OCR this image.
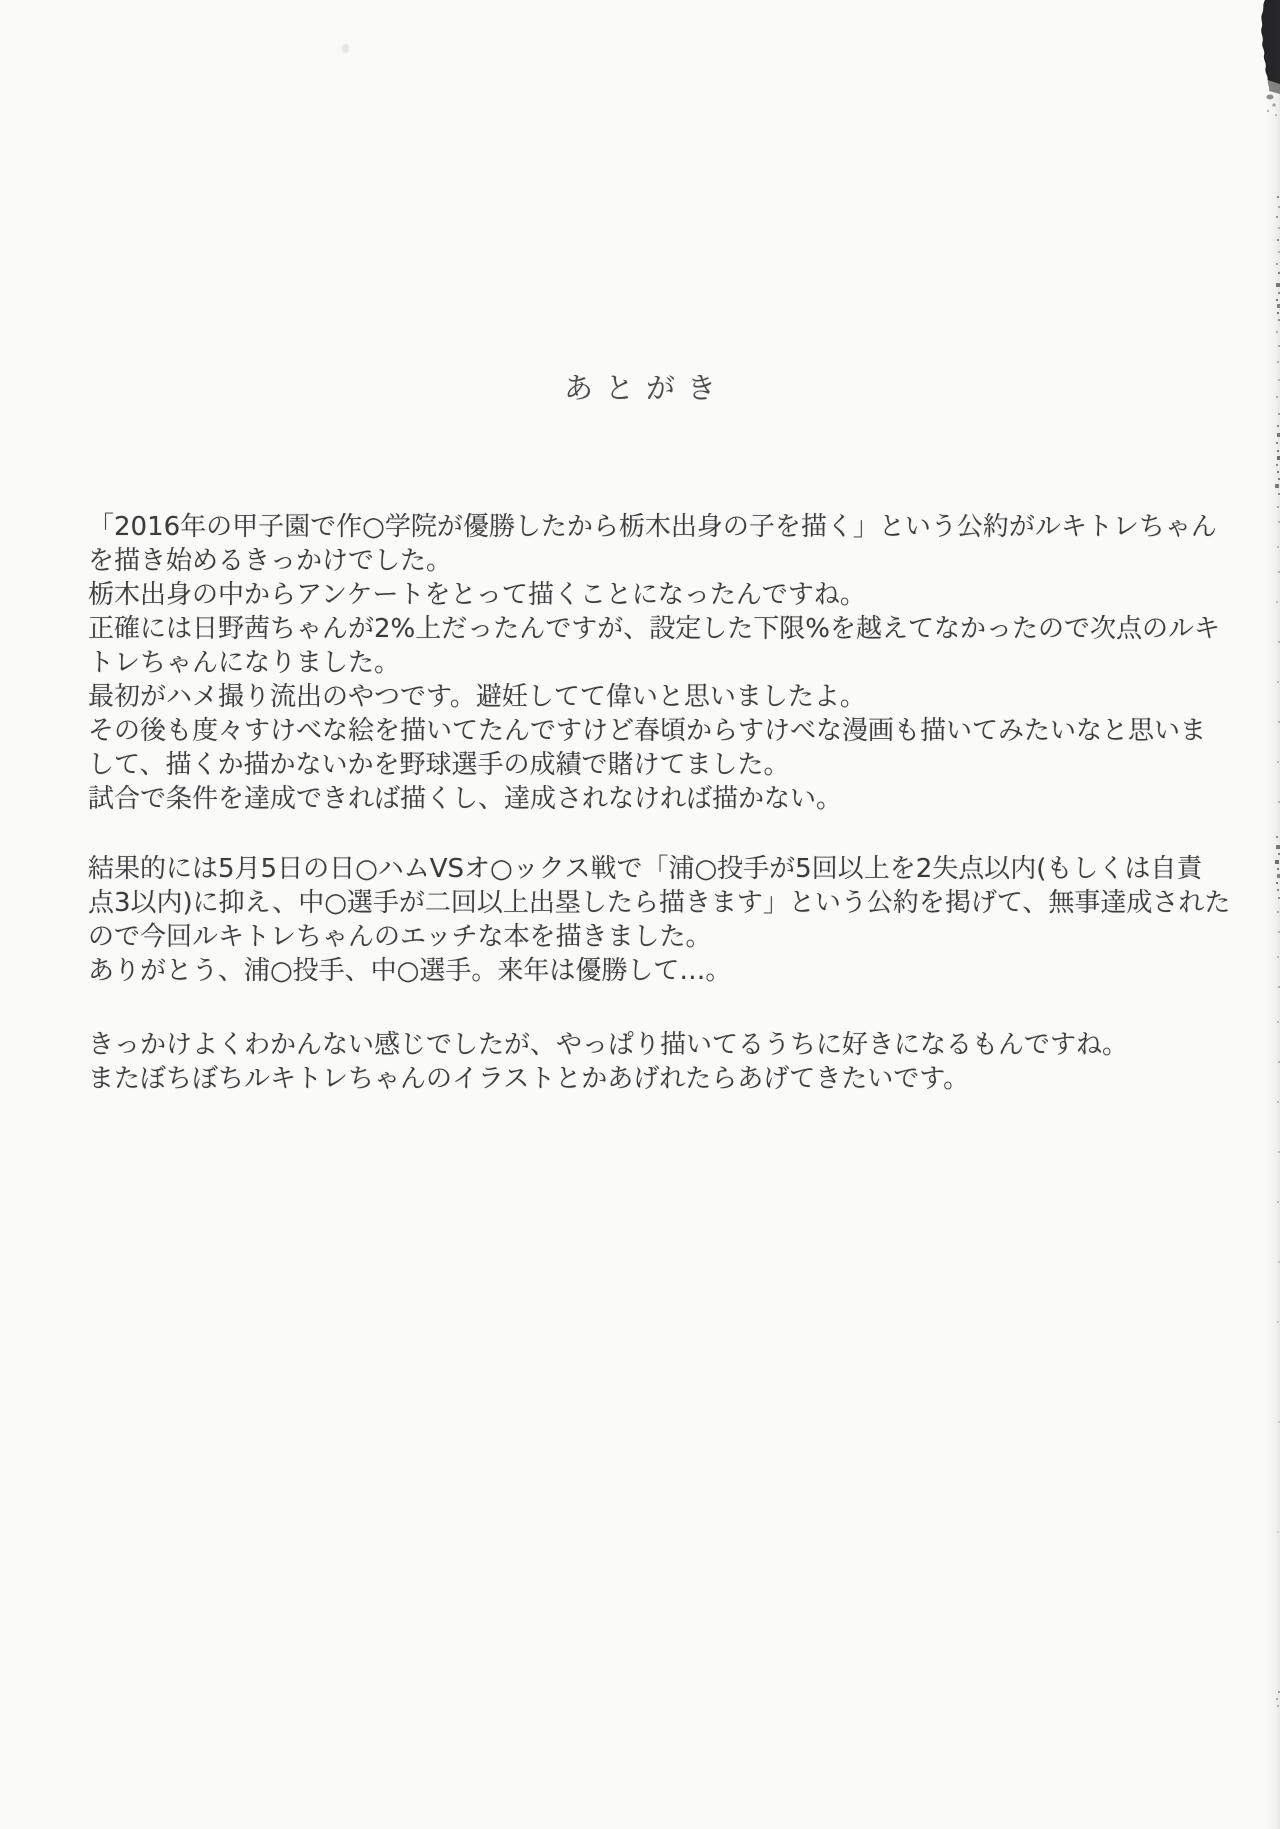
あとがき
「2016年の甲子園で作○学院が優勝したから栃木出身の子を描く」という公約がルキトレちゃん
を描き始めるきっかけでした。
栃木出身の中からアンケートをとって描くことになったんですね。
正確には日野茜ちゃんが2%上だったんですが、設定した下限%を越えてなかったので次点のルキ
トレちゃんになりました。
最初がハメ撮り流出のやつです。避妊してて偉いと思いましたよ。
その後も度々すけべな絵を描いてたんですけど春頃からすけべな漫画も描いてみたいなと思いま
して、描くか描かないかを野球選手の成績で賭けてました。
試合で条件を達成できれば描くし、達成されなければ描かない。
結果的には5月5日の日○ハムVSオ○ックス戦で「浦○投手が5回以上を2失点以内(もしくは自責
点3以内)に抑え、中○選手が二回以上出塁したら描きます」という公約を掲げて、無事達成された
ので今回ルキトレちゃんのエッチな本を描きました。
ありがとう、浦○投手、中○選手。来年は優勝して…。
きっかけよくわかんない感じでしたが、やっぱり描いてるうちに好きになるもんですね。
またぼちぼちルキトレちゃんのイラストとかあげれたらあげてきたいです。
